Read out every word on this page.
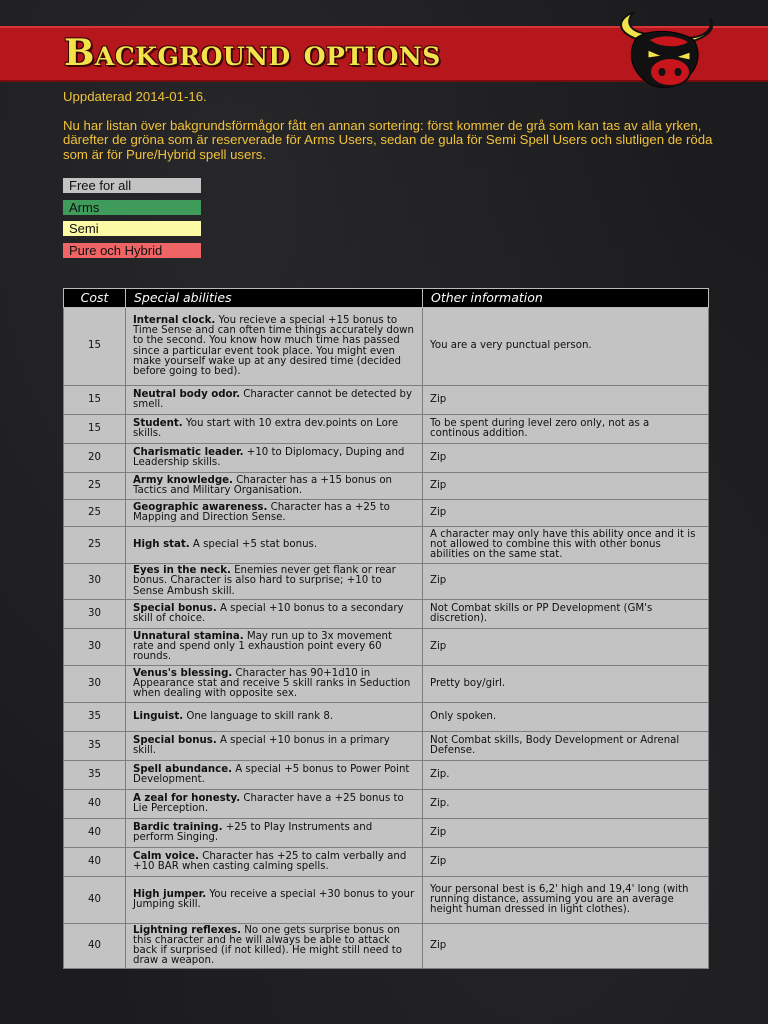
Background options

Uppdaterad 2014-01-16.

Nu har listan över bakgrundsförmågor fått en annan sortering: först kommer de grå som kan tas av alla yrken, därefter de gröna som är reserverade för Arms Users, sedan de gula för Semi Spell Users och slutligen de röda som är för Pure/Hybrid spell users.

Free for all
Arms
Semi
Pure och Hybrid
Cost	Special abilities	Other information
15	Internal clock. You recieve a special +15 bonus to Time Sense and can often time things accurately down to the second. You know how much time has passed since a particular event took place. You might even make yourself wake up at any desired time (decided before going to bed).	You are a very punctual person.
15	Neutral body odor. Character cannot be detected by smell.	Zip
15	Student. You start with 10 extra dev.points on Lore skills.	To be spent during level zero only, not as a continous addition.
20	Charismatic leader. +10 to Diplomacy, Duping and Leadership skills.	Zip
25	Army knowledge. Character has a +15 bonus on Tactics and Military Organisation.	Zip
25	Geographic awareness. Character has a +25 to Mapping and Direction Sense.	Zip
25	High stat. A special +5 stat bonus.	A character may only have this ability once and it is not allowed to combine this with other bonus abilities on the same stat.
30	Eyes in the neck. Enemies never get flank or rear bonus. Character is also hard to surprise; +10 to Sense Ambush skill.	Zip
30	Special bonus. A special +10 bonus to a secondary skill of choice.	Not Combat skills or PP Development (GM's discretion).
30	Unnatural stamina. May run up to 3x movement rate and spend only 1 exhaustion point every 60 rounds.	Zip
30	Venus's blessing. Character has 90+1d10 in Appearance stat and receive 5 skill ranks in Seduction when dealing with opposite sex.	Pretty boy/girl.
35	Linguist. One language to skill rank 8.	Only spoken.
35	Special bonus. A special +10 bonus in a primary skill.	Not Combat skills, Body Development or Adrenal Defense.
35	Spell abundance. A special +5 bonus to Power Point Development.	Zip.
40	A zeal for honesty. Character have a +25 bonus to Lie Perception.	Zip.
40	Bardic training. +25 to Play Instruments and perform Singing.	Zip
40	Calm voice. Character has +25 to calm verbally and +10 BAR when casting calming spells.	Zip
40	High jumper. You receive a special +30 bonus to your Jumping skill.	Your personal best is 6,2' high and 19,4' long (with running distance, assuming you are an average height human dressed in light clothes).
40	Lightning reflexes. No one gets surprise bonus on this character and he will always be able to attack back if surprised (if not killed). He might still need to draw a weapon.	Zip
